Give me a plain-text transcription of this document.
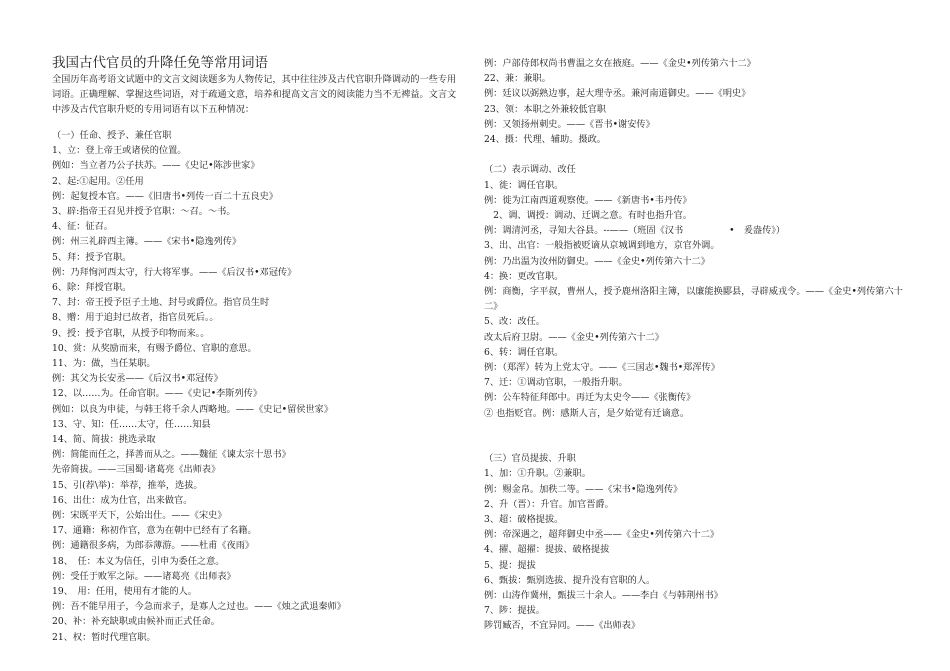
我国古代官员的升降任免等常用词语
全国历年高考语文试题中的文言文阅读题多为人物传记，其中往往涉及古代官职升降调动的一些专用词语。正确理解、掌握这些词语，对于疏通文意，培养和提高文言文的阅读能力当不无裨益。文言文中涉及古代官职升贬的专用词语有以下五种情况：
（一）任命、授予、兼任官职
1、立：登上帝王或诸侯的位置。
例如：当立者乃公子扶苏。——《史记•陈涉世家》
2、起:①起用。②任用
例：起复授本官。——《旧唐书•列传一百二十五良史》
3、辟:指帝王召见并授予官职：～召。～书。
4、征：征召。
例：州三礼辟西主簿。——《宋书•隐逸列传》
5、拜：授予官职。
例：乃拜恂河西太守，行大将军事。——《后汉书•邓冠传》
6、除：拜授官职。
7、封：帝王授予臣子土地、封号或爵位。指官员生时
8、赠：用于追封已故者，指官员死后。。
9、授：授予官职，从授予印物而来。。
10、赏：从奖励而来，有赐予爵位、官职的意思。
11、为：做，当任某职。
例：其父为长安丞——《后汉书•邓冠传》
12、以……为。任命官职。——《史记•李斯列传》
例如：以良为申徒，与韩王将千余人西略地。——《史记•留侯世家》
13、守、知：任……太守，任……知县
14、简、简拔：挑选录取
例：简能而任之，择善而从之。——魏征《谏太宗十思书》
先帝简拔。——三国蜀·诸葛亮《出师表》
15、引(荐\举)：举荐，推举，选拔。
16、出仕：成为仕官，出来做官。
例：宋既平天下，公始出仕。——《宋史》
17、通籍：称初作官，意为在朝中已经有了名籍。
例：通籍很多病，为郎忝薄游。——杜甫《夜雨》
18、　任：本义为信任，引申为委任之意。
例：受任于败军之际。——诸葛亮《出师表》
19、　用：任用，使用有才能的人。
例：吾不能早用子，今急而求子，是寡人之过也。——《烛之武退秦师》
20、补：补充缺职或由候补而正式任命。
21、权：暂时代理官职。
例：户部侍郎权尚书曹温之女在掖庭。——《金史•列传第六十二》
22、兼：兼职。
例：廷议以弼熟边事，起大理寺丞。兼河南道御史。——《明史》
23、领：本职之外兼较低官职
例：又领扬州刺史。——《晋书•谢安传》
24、摄：代理、辅助。摄政。
（二）表示调动、改任
1、徙：调任官职。
例：徙为江南西道观察使。——《新唐书•韦丹传》
　2、调、调授：调动、迁调之意。有时也指升官。
例：调清河丞，寻知大谷县。--——（班固《汉书　　　　　•　爰盎传》）
3、出、出官：一般指被贬谪从京城调到地方，京官外调。
例：乃出温为汝州防御史。——《金史•列传第六十二》
4：换：更改官职。
例：商衡，字平叔，曹州人，授予鹿州洛阳主簿，以廉能换郾县，寻辟威戎令。——《金史•列传第六十二》
5、改：改任。
改太后府卫尉。——《金史•列传第六十二》
6、转：调任官职。
例：（郑浑）转为上党太守。——《三国志•魏书•郑浑传》
7、迁：①调动官职，一般指升职。
例：公车特征拜郎中。再迁为太史令——《张衡传》
② 也指贬官。例：感斯人言，是夕始觉有迁谪意。
（三）官员提拔、升职
1、加：①升职。②兼职。
例：赐金帛。加秩二等。——《宋书•隐逸列传》
2、升（晋）：升官。加官晋爵。
3、超：破格提拔。
例：帝深遇之，超拜御史中丞——《金史•列传第六十二》
4、擢、超擢：提拔、破格提拔
5、提：提拔
6、甄拔：甄别选拔、提升没有官职的人。
例：山涛作冀州，甄拔三十余人。——李白《与韩荆州书》
7、陟：提拔。
陟罚臧否，不宜异同。——《出师表》
